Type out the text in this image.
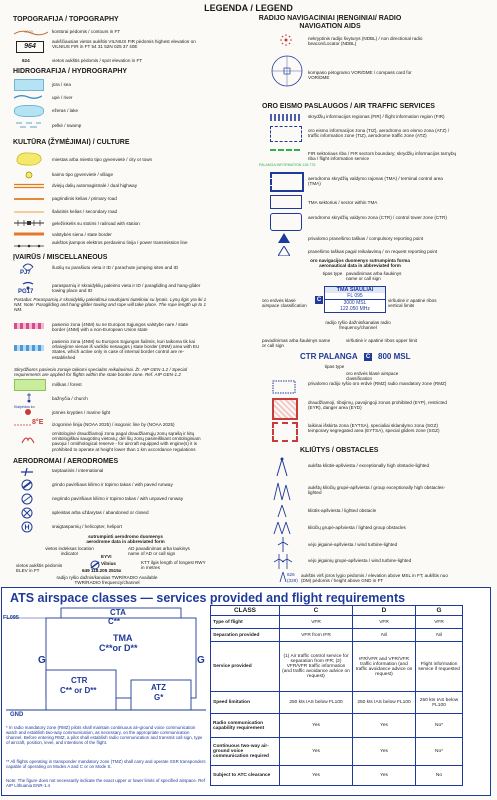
LEGENDA / LEGEND
TOPOGRAFIJA / TOPOGRAPHY
1000	kontūrai pėdomis / contours in FT
964
aukščiausias vietos aukštis VILNIUS FIR pėdomis highest elevation on VILNIUS FIR in FT 54 31 52N 025 37 40E
624	vietos aukštis pėdomis / spot elevation in FT
HIDROGRAFIJA / HYDROGRAPHY
jūra / sea
upė / river
ežeras / lake
pelkė / swamp
KULTŪRA (ŽYMĖJIMAI) / CULTURE
miestas arba miesto tipo gyvenvietė / city or town
kaimo tipo gyvenvietė / village
dviejų dalių automagistralė / dual highway
pagrindinis kelias / primary road
šalutinis kelias / secondary road
geležinkelis su stotimi / railroad with station
valstybės siena / state border
aukštos įtampos elektros perdavimo linija / power transmission line
ĮVAIRŪS / MISCELLANEOUS
PJ7
šuolių su parašiutu vieta ir ID / parachute jumping sites and ID
PG17
parasparnių ir skraidyklių paleimo vieta ir ID / paragliding and hang-glider towing place and ID
Pastaba: Parasparnių ir skraidyklių paleidimui naudojami tiuteliniai su lynais. Lynų ilgis yra iki 1 NM. Note: Paragliding and hang-glider towing and rope will take place. The rope length up to 1 NM.
pasienio zona (4NM) su ne Europos Sąjungos valstybe nare / state border (4NM) with a non-European Union state
pasienio zona (4NM) su Europos Sąjungos šalimis, kuri taikoma tik kai orlaivyjime vienas iš variklio nesaugūs į state border (4NM) area with EU States, which active only in case of internal border control are re-established
Skrydžiams pasienio zonoje taikomi specialūs reikalavimai. Žr. AIP GEN-1.2 / Special requirements are applied for flights within the state border zone. Ref. AIP GEN-1.2
miškas / forest
bažnyčia / church
Klaipėdos ko
jūrinės krypties / marine light
8°E izogoninė linija (NOAA 2025) / isogonic line by (NOAA 2025)
ornitologinė draudžiamoji zona pagal draudžiamųjų zonų sąrašą ir kitų ornitologiškai saugotinų vietovių; dėl šių zonų pasireiškiant ornitologiniam pavojui / ornithological reserve - for aircraft equipped with engine(s) it is prohibited to operate at height lower than 1 km accordance regulations
AERODROMAI / AERODROMES
tarptautinis / international
grindo paviršiaus kilimo ir tūpimo takas / with paved runway
negrindo paviršiaus kilimo ir tūpimo takas / with unpaved runway
apleistas arba uždarytas / abandoned or closed
H	sraigtasparnių / helicopter, heliport
sutrumpinti aerodromo duomenys aerodrome data in abbreviated form
vietos indeksas location indicator
AD pavadinimas arba laukinys name of AD or call sign
EYVI
Vilnius
vietos aukštis pėdomis ELEV in FT	649 118.205 2515x
KTT ilgis length of longest RWY in metres
radijo ryšio dažnis/kanalas TWR/RADIO Available TWR/RADIO frequency/channel
RADIJO NAVIGACINIAI ĮRENGINIAI/ RADIO NAVIGATION AIDS
nekryptinis radijo švyturys (NDBL) / non directional radio beacon/Locator (NDBL)
kompaso pėtogramo VOR/DME / compass card for VOR/DME
ORO EISMO PASLAUGOS / AIR TRAFFIC SERVICES
skrydžių informacijos regionas (FIR) / flight information region (FIR)
oro eismo informacijos zona (TIZ), aerodromo oro eismo zona (ATZ) / traffic information zone (TIZ), aerodrome traffic zone (ATZ)
PALANGA INFORMATION 126.775
FIR sektoriaus riba / FIR sectors boundary; skrydžių informacijos tarnybų riba / flight information service
aerodromo skrydžių valdymo rajonas (TMA) / terminal control area (TMA)
TMA sektorius / sector within TMA
aerodromo skrydžių valdymo zona (CTR) / control tower zone (CTR)
privalomo pranešimo taškas / compulsory reporting point
pranešimo taškas pagal reikalavimą / on request reporting point
oro navigacijos duomenys sutrumpinta forma aeronautical data in abbreviated form
tipas type pavadinimas arba šaukinys name or call sign
TMA ŠIAULIAI
FL 095
3000 MSL
122.050 MHz
C
oro erdvės klasė airspace classification
viršutinė ir apatinė ribos vertical limits
radijo ryšio dažnis/kanalas radio frequency/channel
pavadinimas arba šaukinys name or call sign
viršutinė ir apatinė ribos upper limit
CTR PALANGA	C 800 MSL
tipas type
oro erdvės klasė airspace classification
privalomo radijo ryšio oro erdvė (RMZ) radio mandatory zone (RMZ)
draudžiamoji, ribojimų, pavojingoji zonos prohibited (EYP), restricted (EYR), danger area (EYD)
laikinai išskirta zona (EYTSA), specialiai sklandymo zona (SGZ) temporary segregated area (EYTSA), special gliders zone (SGZ)
KLIŪTYS / OBSTACLES
aukšta kliūtis-apšviesta / exceptionally high obstacle-lighted
aukštų kliūčių grupė-apšviesta / group exceptionally high obstacles-lighted
kliūtis-apšviesta / lighted obstacle
kliūčių grupė-apšviesta / lighted group obstacles
vėjo jėgainė-apšviesta / wind turbine-lighted
vėjo jėgainių grupė-apšviesta / wind turbine-lighted
626
(328)
aukštis virš jūros lygio pėdomis / elevation above MSL in FT; aukštis nuo (DM) pėdomis / height above GND in FT
ATS airspace classes — services provided and flight requirements
CTA
C**
FL095
TMA
C**or D**
G	G
CTR
C** or D**	ATZ
G*
GND
* In radio mandatory zone (RMZ) pilots shall maintain continuous air-ground voice communication watch and establish two-way communication, as necessary, on the appropriate communication channel. Before entering RMZ, a pilot shall establish radio communication and transmit call sign, type of aircraft, position, level, and intentions of the flight.
** All flights operating in transponder mandatory zone (TMZ) shall carry and operate SSR transponders capable of operating on Modes A and C or on Mode S.
Note: The figure does not necessarily indicate the exact upper or lower limits of specified airspace. Ref AIP Lithuania ENR-1.4
CLASS	C	D	G
Type of flight	VFR	VFR	VFR
Separation provided	VFR from IFR	Nil	Nil
Service provided	(1) Air traffic control service for separation from IFR; (2) VFR/VFR traffic information (and traffic avoidance advice on request)	IFR/VFR and VFR/VFR traffic information (and traffic avoidance advice on request)	Flight information service if requested
Speed limitation	250 kts IAS below FL100	250 kts IAS below FL100	250 kts IAS below FL100
Radio communication capability requirement	Yes	Yes	No*
Continuous two-way air-ground voice communication required	Yes	Yes	No*
Subject to ATC clearance	Yes	Yes	No
